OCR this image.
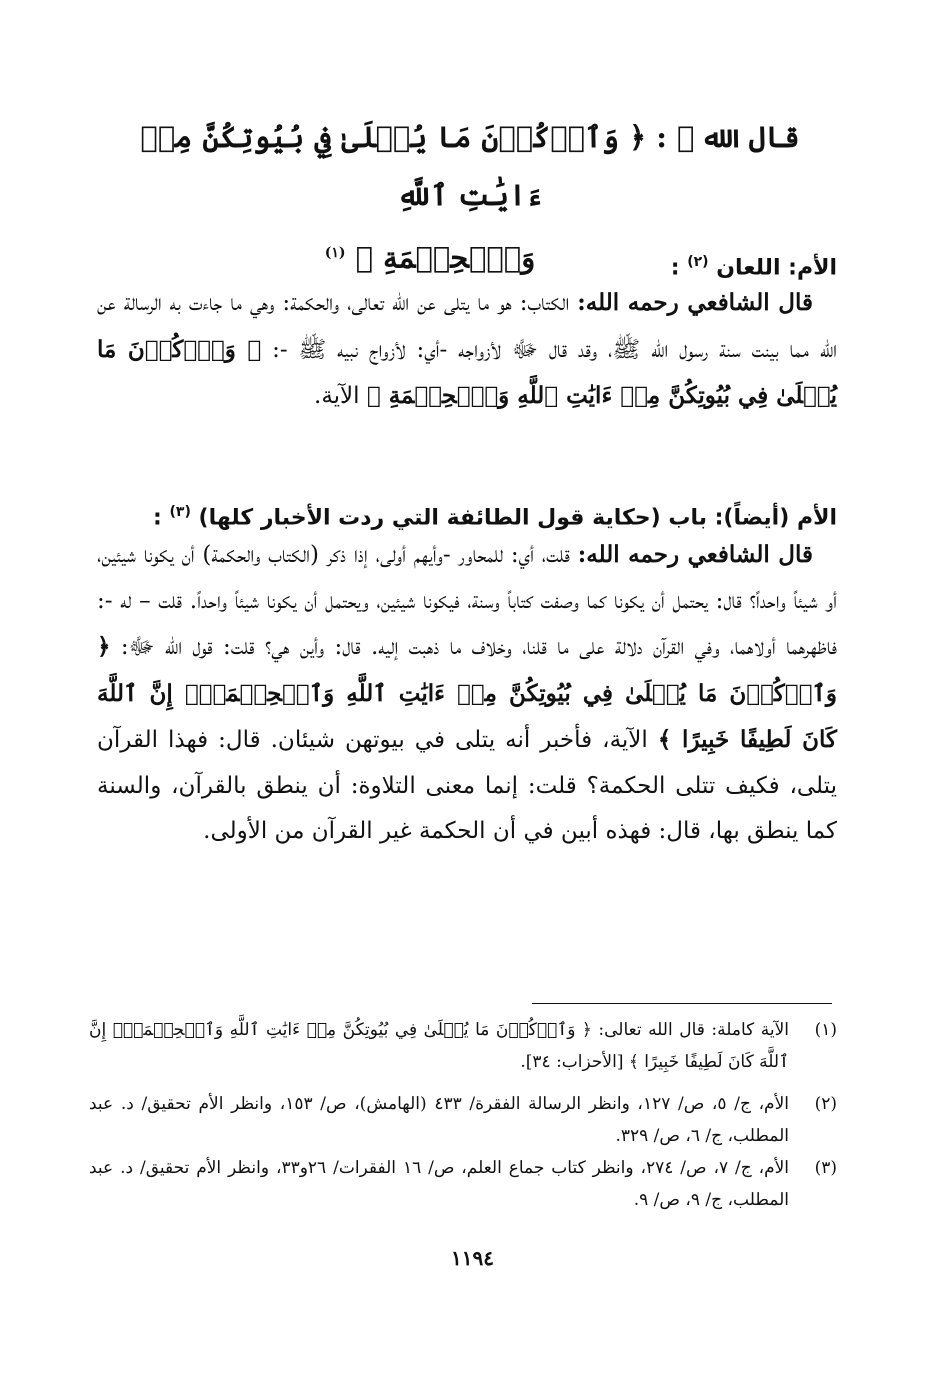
قال الله ﷻ : ﴿ وَٱذۡكُرۡنَ مَا يُتۡلَىٰ فِي بُيُوتِكُنَّ مِنۡ ءَايَٰتِ ٱللَّهِ
وَٱلۡحِكۡمَةِ ﴾ $^{(١)}$
الأم: اللعان $^{(٢)}$ :

قال الشافعي رحمه الله: الكتاب: هو ما يتلى عن الله تعالى، والحكمة: وهي ما جاءت به الرسالة عن الله مما بينت سنة رسول الله ﷺ، وقد قال ﷻ لأزواجه -أي: لأزواج نبيه ﷺ -: ﴿ وَٱذۡكُرۡنَ مَا يُتۡلَىٰ فِي بُيُوتِكُنَّ مِنۡ ءَايَٰتِ ٱللَّهِ وَٱلۡحِكۡمَةِ ﴾ الآية.

الأم (أيضاً): باب (حكاية قول الطائفة التي ردت الأخبار كلها) $^{(٣)}$ :

قال الشافعي رحمه الله: قلت، أي: للمحاور -وأيهم أولى، إذا ذكر (الكتاب والحكمة) أن يكونا شيئين، أو شيئاً واحداً؟ قال: يحتمل أن يكونا كما وصفت كتاباً وسنة، فيكونا شيئين، ويحتمل أن يكونا شيئاً واحداً. قلت – له -: فاظهرهما أولاهما، وفي القرآن دلالة على ما قلنا، وخلاف ما ذهبت إليه. قال: وأين هي؟ قلت: قول الله ﷻ: ﴿ وَٱذۡكُرۡنَ مَا يُتۡلَىٰ فِي بُيُوتِكُنَّ مِنۡ ءَايَٰتِ ٱللَّهِ وَٱلۡحِكۡمَةِۚ إِنَّ ٱللَّهَ كَانَ لَطِيفًا خَبِيرًا ﴾ الآية، فأخبر أنه يتلى في بيوتهن شيئان. قال: فهذا القرآن يتلى، فكيف تتلى الحكمة؟ قلت: إنما معنى التلاوة: أن ينطق بالقرآن، والسنة كما ينطق بها، قال: فهذه أبين في أن الحكمة غير القرآن من الأولى.

(١)
الآية كاملة: قال الله تعالى: ﴿ وَٱذۡكُرۡنَ مَا يُتۡلَىٰ فِي بُيُوتِكُنَّ مِنۡ ءَايَٰتِ ٱللَّهِ وَٱلۡحِكۡمَةِۚ إِنَّ ٱللَّهَ كَانَ لَطِيفًا خَبِيرًا ﴾ [الأحزاب: ٣٤].
(٢)
الأم، ج/ ٥، ص/ ١٢٧، وانظر الرسالة الفقرة/ ٤٣٣ (الهامش)، ص/ ١٥٣، وانظر الأم تحقيق/ د. عبد المطلب، ج/ ٦، ص/ ٣٢٩.
(٣)
الأم، ج/ ٧، ص/ ٢٧٤، وانظر كتاب جماع العلم، ص/ ١٦ الفقرات/ ٢٦و٣٣، وانظر الأم تحقيق/ د. عبد المطلب، ج/ ٩، ص/ ٩.
١١٩٤
